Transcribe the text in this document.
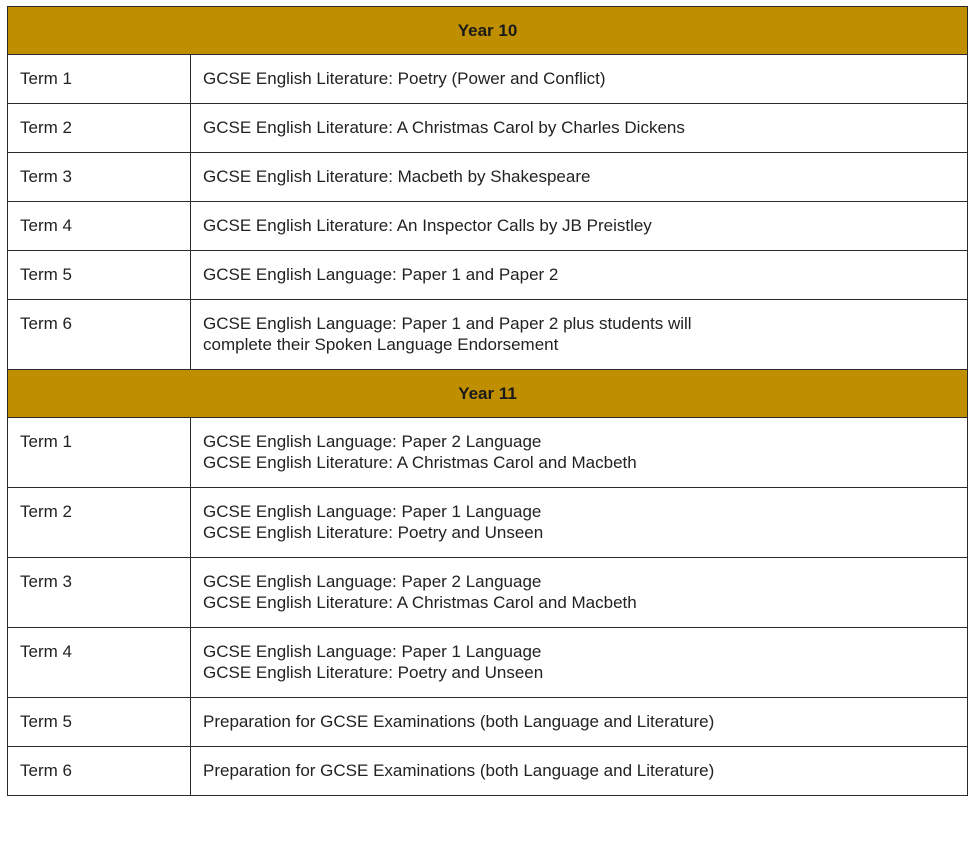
Year 10	
Term 1	GCSE English Literature: Poetry (Power and Conflict)

Term 2	GCSE English Literature: A Christmas Carol by Charles Dickens

Term 3	GCSE English Literature: Macbeth by Shakespeare

Term 4	GCSE English Literature: An Inspector Calls by JB Preistley

Term 5	GCSE English Language: Paper 1 and Paper 2

Term 6	GCSE English Language: Paper 1 and Paper 2 plus students will
complete their Spoken Language Endorsement

Year 11	
Term 1	GCSE English Language: Paper 2 Language
GCSE English Literature: A Christmas Carol and Macbeth

Term 2	GCSE English Language: Paper 1 Language
GCSE English Literature: Poetry and Unseen

Term 3	GCSE English Language: Paper 2 Language
GCSE English Literature: A Christmas Carol and Macbeth

Term 4	GCSE English Language: Paper 1 Language
GCSE English Literature: Poetry and Unseen

Term 5	Preparation for GCSE Examinations (both Language and Literature)

Term 6	Preparation for GCSE Examinations (both Language and Literature)
